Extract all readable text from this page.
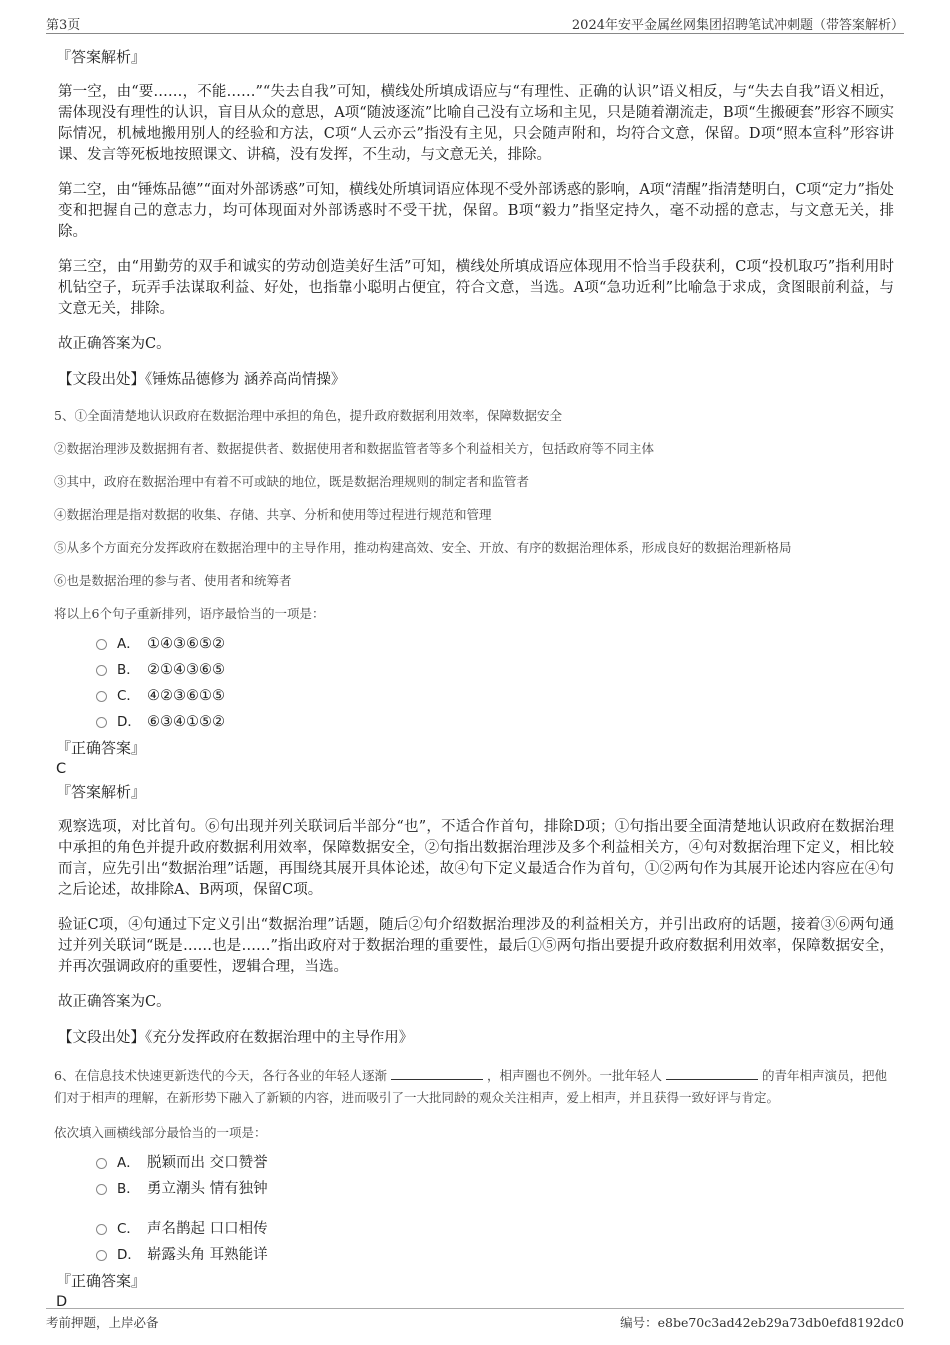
第3页	2024年安平金属丝网集团招聘笔试冲刺题（带答案解析）

『答案解析』

第一空，由“要……，不能……”“失去自我”可知，横线处所填成语应与“有理性、正确的认识”语义相反，与“失去自我”语义相近，需体现没有理性的认识，盲目从众的意思，A项“随波逐流”比喻自己没有立场和主见，只是随着潮流走，B项“生搬硬套”形容不顾实际情况，机械地搬用别人的经验和方法，C项“人云亦云”指没有主见，只会随声附和，均符合文意，保留。D项“照本宣科”形容讲课、发言等死板地按照课文、讲稿，没有发挥，不生动，与文意无关，排除。

第二空，由“锤炼品德”“面对外部诱惑”可知，横线处所填词语应体现不受外部诱惑的影响，A项“清醒”指清楚明白，C项“定力”指处变和把握自己的意志力，均可体现面对外部诱惑时不受干扰，保留。B项“毅力”指坚定持久，毫不动摇的意志，与文意无关，排除。

第三空，由“用勤劳的双手和诚实的劳动创造美好生活”可知，横线处所填成语应体现用不恰当手段获利，C项“投机取巧”指利用时机钻空子，玩弄手法谋取利益、好处，也指靠小聪明占便宜，符合文意，当选。A项“急功近利”比喻急于求成，贪图眼前利益，与文意无关，排除。

故正确答案为C。

【文段出处】《锤炼品德修为 涵养高尚情操》

5、①全面清楚地认识政府在数据治理中承担的角色，提升政府数据利用效率，保障数据安全

②数据治理涉及数据拥有者、数据提供者、数据使用者和数据监管者等多个利益相关方，包括政府等不同主体

③其中，政府在数据治理中有着不可或缺的地位，既是数据治理规则的制定者和监管者

④数据治理是指对数据的收集、存储、共享、分析和使用等过程进行规范和管理

⑤从多个方面充分发挥政府在数据治理中的主导作用，推动构建高效、安全、开放、有序的数据治理体系，形成良好的数据治理新格局

⑥也是数据治理的参与者、使用者和统筹者

将以上6个句子重新排列，语序最恰当的一项是：

A． ①④③⑥⑤②
B． ②①④③⑥⑤
C． ④②③⑥①⑤
D． ⑥③④①⑤②

『正确答案』

C

『答案解析』

观察选项，对比首句。⑥句出现并列关联词后半部分“也”，不适合作首句，排除D项；①句指出要全面清楚地认识政府在数据治理中承担的角色并提升政府数据利用效率，保障数据安全，②句指出数据治理涉及多个利益相关方，④句对数据治理下定义，相比较而言，应先引出“数据治理”话题，再围绕其展开具体论述，故④句下定义最适合作为首句，①②两句作为其展开论述内容应在④句之后论述，故排除A、B两项，保留C项。

验证C项，④句通过下定义引出“数据治理”话题，随后②句介绍数据治理涉及的利益相关方，并引出政府的话题，接着③⑥两句通过并列关联词“既是……也是……”指出政府对于数据治理的重要性，最后①⑤两句指出要提升政府数据利用效率，保障数据安全，并再次强调政府的重要性，逻辑合理，当选。

故正确答案为C。

【文段出处】《充分发挥政府在数据治理中的主导作用》

6、在信息技术快速更新迭代的今天，各行各业的年轻人逐渐	，相声圈也不例外。一批年轻人	的青年相声演员，把他们对于相声的理解，在新形势下融入了新颖的内容，进而吸引了一大批同龄的观众关注相声，爱上相声，并且获得一致好评与肯定。

依次填入画横线部分最恰当的一项是：

A． 脱颖而出 交口赞誉
B． 勇立潮头 情有独钟
C． 声名鹊起 口口相传
D． 崭露头角 耳熟能详

『正确答案』

D

考前押题，上岸必备	编号：e8be70c3ad42eb29a73db0efd8192dc0
